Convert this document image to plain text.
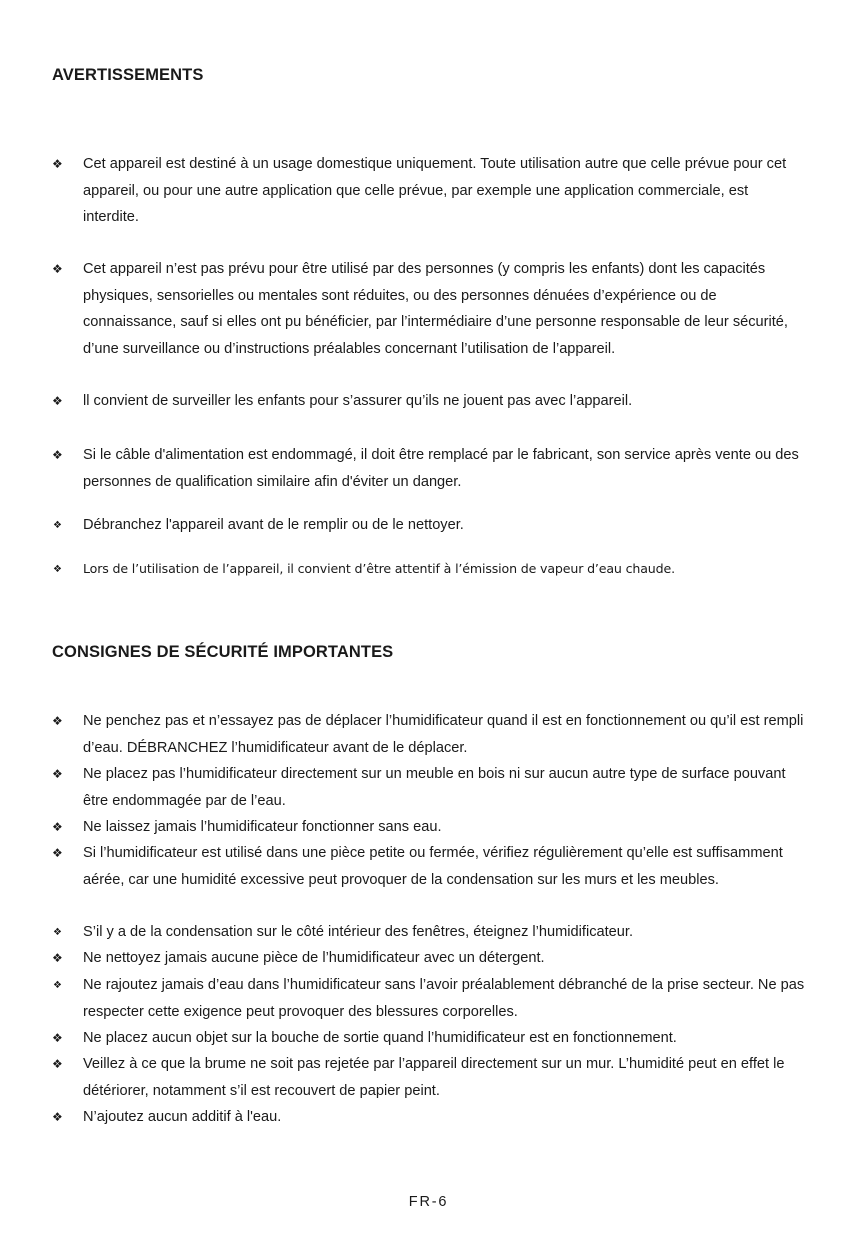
AVERTISSEMENTS
❖ Cet appareil est destiné à un usage domestique uniquement. Toute utilisation autre que celle prévue pour cet appareil, ou pour une autre application que celle prévue, par exemple une application commerciale, est interdite.
❖ Cet appareil n’est pas prévu pour être utilisé par des personnes (y compris les enfants) dont les capacités physiques, sensorielles ou mentales sont réduites, ou des personnes dénuées d’expérience ou de connaissance, sauf si elles ont pu bénéficier, par l’intermédiaire d’une personne responsable de leur sécurité, d’une surveillance ou d’instructions préalables concernant l’utilisation de l’appareil.
❖ ll convient de surveiller les enfants pour s’assurer qu’ils ne jouent pas avec l’appareil.
❖ Si le câble d'alimentation est endommagé, il doit être remplacé par le fabricant, son service après vente ou des personnes de qualification similaire afin d'éviter un danger.
❖	Débranchez l'appareil avant de le remplir ou de le nettoyer.
❖	Lors de l’utilisation de l’appareil, il convient d’être attentif à l’émission de vapeur d’eau chaude.
CONSIGNES DE SÉCURITÉ IMPORTANTES
❖ Ne penchez pas et n’essayez pas de déplacer l’humidificateur quand il est en fonctionnement ou qu’il est rempli d’eau. DÉBRANCHEZ l’humidificateur avant de le déplacer.
❖ Ne placez pas l’humidificateur directement sur un meuble en bois ni sur aucun autre type de surface pouvant être endommagée par de l’eau.
❖ Ne laissez jamais l’humidificateur fonctionner sans eau.
❖ Si l’humidificateur est utilisé dans une pièce petite ou fermée, vérifiez régulièrement qu’elle est suffisamment aérée, car une humidité excessive peut provoquer de la condensation sur les murs et les meubles.
❖	S’il y a de la condensation sur le côté intérieur des fenêtres, éteignez l’humidificateur.
❖ Ne nettoyez jamais aucune pièce de l’humidificateur avec un détergent.
❖	Ne rajoutez jamais d’eau dans l’humidificateur sans l’avoir préalablement débranché de la prise secteur. Ne pas respecter cette exigence peut provoquer des blessures corporelles.
❖ Ne placez aucun objet sur la bouche de sortie quand l’humidificateur est en fonctionnement.
❖ Veillez à ce que la brume ne soit pas rejetée par l’appareil directement sur un mur. L’humidité peut en effet le détériorer, notamment s’il est recouvert de papier peint.
❖ N’ajoutez aucun additif à l'eau.
FR-6
